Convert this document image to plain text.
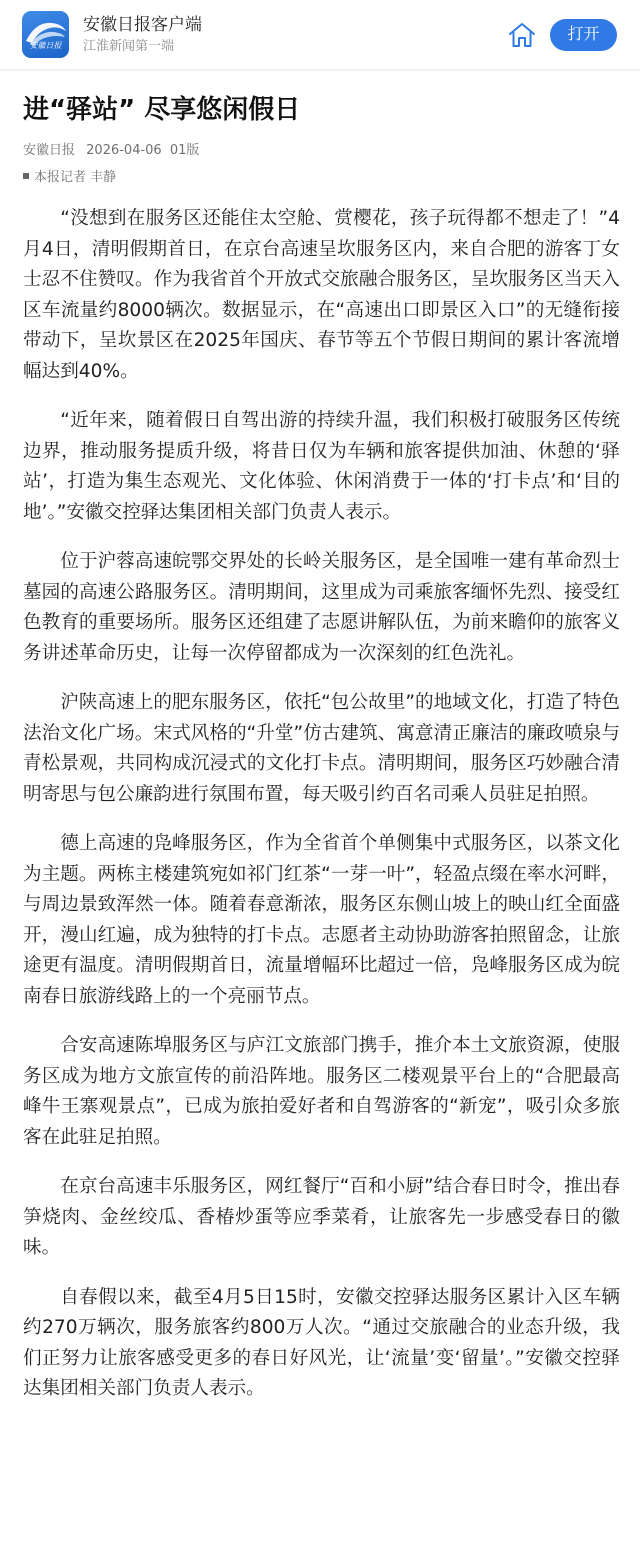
安徽日报
安徽日报客户端
江淮新闻第一端
打开
进“驿站” 尽享悠闲假日
安徽日报 2026-04-06 01版
本报记者 丰静

“没想到在服务区还能住太空舱、赏樱花，孩子玩得都不想走了！”4月4日，清明假期首日，在京台高速呈坎服务区内，来自合肥的游客丁女士忍不住赞叹。作为我省首个开放式交旅融合服务区，呈坎服务区当天入区车流量约8000辆次。数据显示，在“高速出口即景区入口”的无缝衔接带动下，呈坎景区在2025年国庆、春节等五个节假日期间的累计客流增幅达到40%。

“近年来，随着假日自驾出游的持续升温，我们积极打破服务区传统边界，推动服务提质升级，将昔日仅为车辆和旅客提供加油、休憩的‘驿站’，打造为集生态观光、文化体验、休闲消费于一体的‘打卡点’和‘目的地’。”安徽交控驿达集团相关部门负责人表示。

位于沪蓉高速皖鄂交界处的长岭关服务区，是全国唯一建有革命烈士墓园的高速公路服务区。清明期间，这里成为司乘旅客缅怀先烈、接受红色教育的重要场所。服务区还组建了志愿讲解队伍，为前来瞻仰的旅客义务讲述革命历史，让每一次停留都成为一次深刻的红色洗礼。

沪陕高速上的肥东服务区，依托“包公故里”的地域文化，打造了特色法治文化广场。宋式风格的“升堂”仿古建筑、寓意清正廉洁的廉政喷泉与青松景观，共同构成沉浸式的文化打卡点。清明期间，服务区巧妙融合清明寄思与包公廉韵进行氛围布置，每天吸引约百名司乘人员驻足拍照。

德上高速的凫峰服务区，作为全省首个单侧集中式服务区，以茶文化为主题。两栋主楼建筑宛如祁门红茶“一芽一叶”，轻盈点缀在率水河畔，与周边景致浑然一体。随着春意渐浓，服务区东侧山坡上的映山红全面盛开，漫山红遍，成为独特的打卡点。志愿者主动协助游客拍照留念，让旅途更有温度。清明假期首日，流量增幅环比超过一倍，凫峰服务区成为皖南春日旅游线路上的一个亮丽节点。

合安高速陈埠服务区与庐江文旅部门携手，推介本土文旅资源，使服务区成为地方文旅宣传的前沿阵地。服务区二楼观景平台上的“合肥最高峰牛王寨观景点”，已成为旅拍爱好者和自驾游客的“新宠”，吸引众多旅客在此驻足拍照。

在京台高速丰乐服务区，网红餐厅“百和小厨”结合春日时令，推出春笋烧肉、金丝绞瓜、香椿炒蛋等应季菜肴，让旅客先一步感受春日的徽味。

自春假以来，截至4月5日15时，安徽交控驿达服务区累计入区车辆约270万辆次，服务旅客约800万人次。“通过交旅融合的业态升级，我们正努力让旅客感受更多的春日好风光，让‘流量’变‘留量’。”安徽交控驿达集团相关部门负责人表示。
